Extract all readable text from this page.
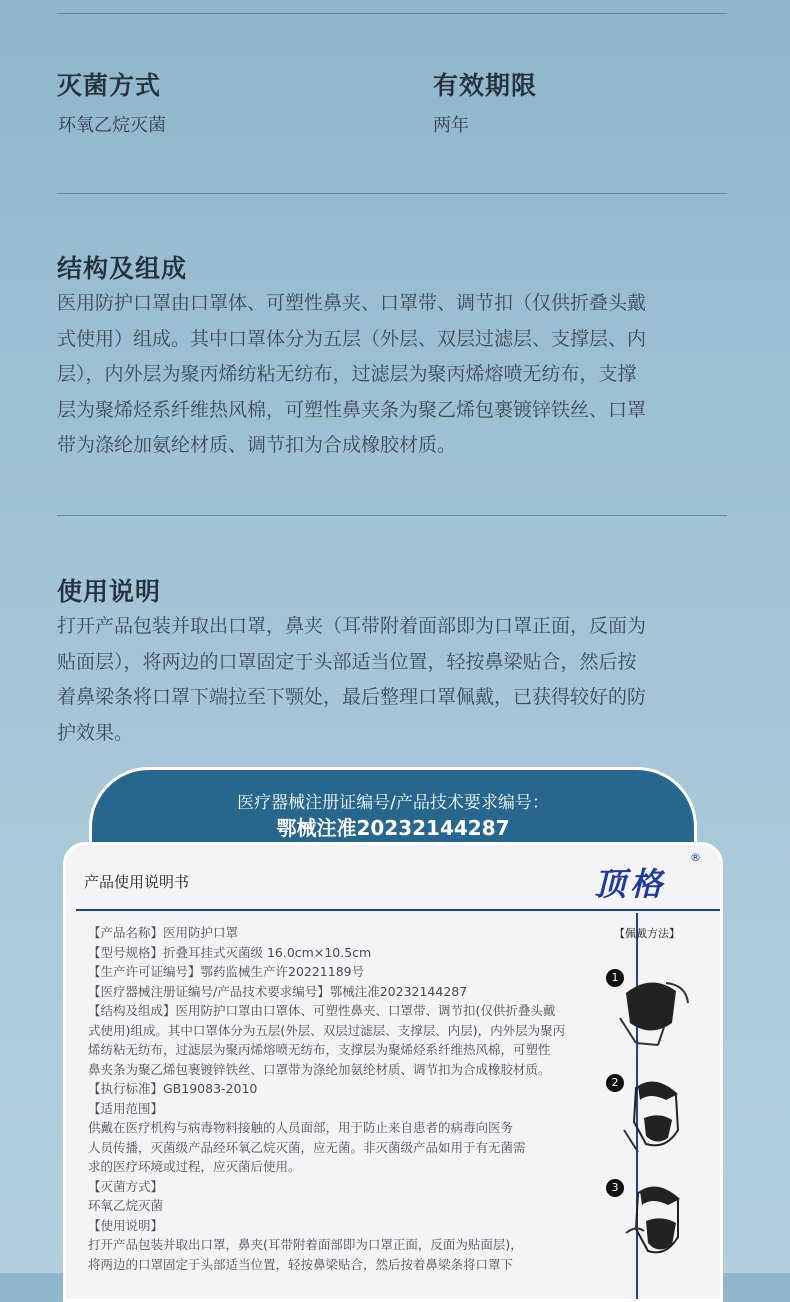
灭菌方式
环氧乙烷灭菌
有效期限
两年
结构及组成
医用防护口罩由口罩体、可塑性鼻夹、口罩带、调节扣（仅供折叠头戴
式使用）组成。其中口罩体分为五层（外层、双层过滤层、支撑层、内
层），内外层为聚丙烯纺粘无纺布，过滤层为聚丙烯熔喷无纺布，支撑
层为聚烯烃系纤维热风棉，可塑性鼻夹条为聚乙烯包裹镀锌铁丝、口罩
带为涤纶加氨纶材质、调节扣为合成橡胶材质。
使用说明
打开产品包装并取出口罩，鼻夹（耳带附着面部即为口罩正面，反面为
贴面层），将两边的口罩固定于头部适当位置，轻按鼻梁贴合，然后按
着鼻梁条将口罩下端拉至下颚处，最后整理口罩佩戴，已获得较好的防
护效果。
医疗器械注册证编号/产品技术要求编号：
鄂械注准20232144287
产品使用说明书	顶格
®
【产品名称】医用防护口罩
【型号规格】折叠耳挂式灭菌级 16.0cm×10.5cm
【生产许可证编号】鄂药监械生产许20221189号
【医疗器械注册证编号/产品技术要求编号】鄂械注准20232144287
【结构及组成】医用防护口罩由口罩体、可塑性鼻夹、口罩带、调节扣(仅供折叠头戴
式使用)组成。其中口罩体分为五层(外层、双层过滤层、支撑层、内层)，内外层为聚丙
烯纺粘无纺布，过滤层为聚丙烯熔喷无纺布，支撑层为聚烯烃系纤维热风棉，可塑性
鼻夹条为聚乙烯包裹镀锌铁丝、口罩带为涤纶加氨纶材质、调节扣为合成橡胶材质。
【执行标准】GB19083-2010
【适用范围】
供戴在医疗机构与病毒物料接触的人员面部，用于防止来自患者的病毒向医务
人员传播，灭菌级产品经环氧乙烷灭菌，应无菌。非灭菌级产品如用于有无菌需
求的医疗环境或过程，应灭菌后使用。
【灭菌方式】
环氧乙烷灭菌
【使用说明】
打开产品包装并取出口罩，鼻夹(耳带附着面部即为口罩正面，反面为贴面层)，
将两边的口罩固定于头部适当位置，轻按鼻梁贴合，然后按着鼻梁条将口罩下
【佩戴方法】
1
2
3
